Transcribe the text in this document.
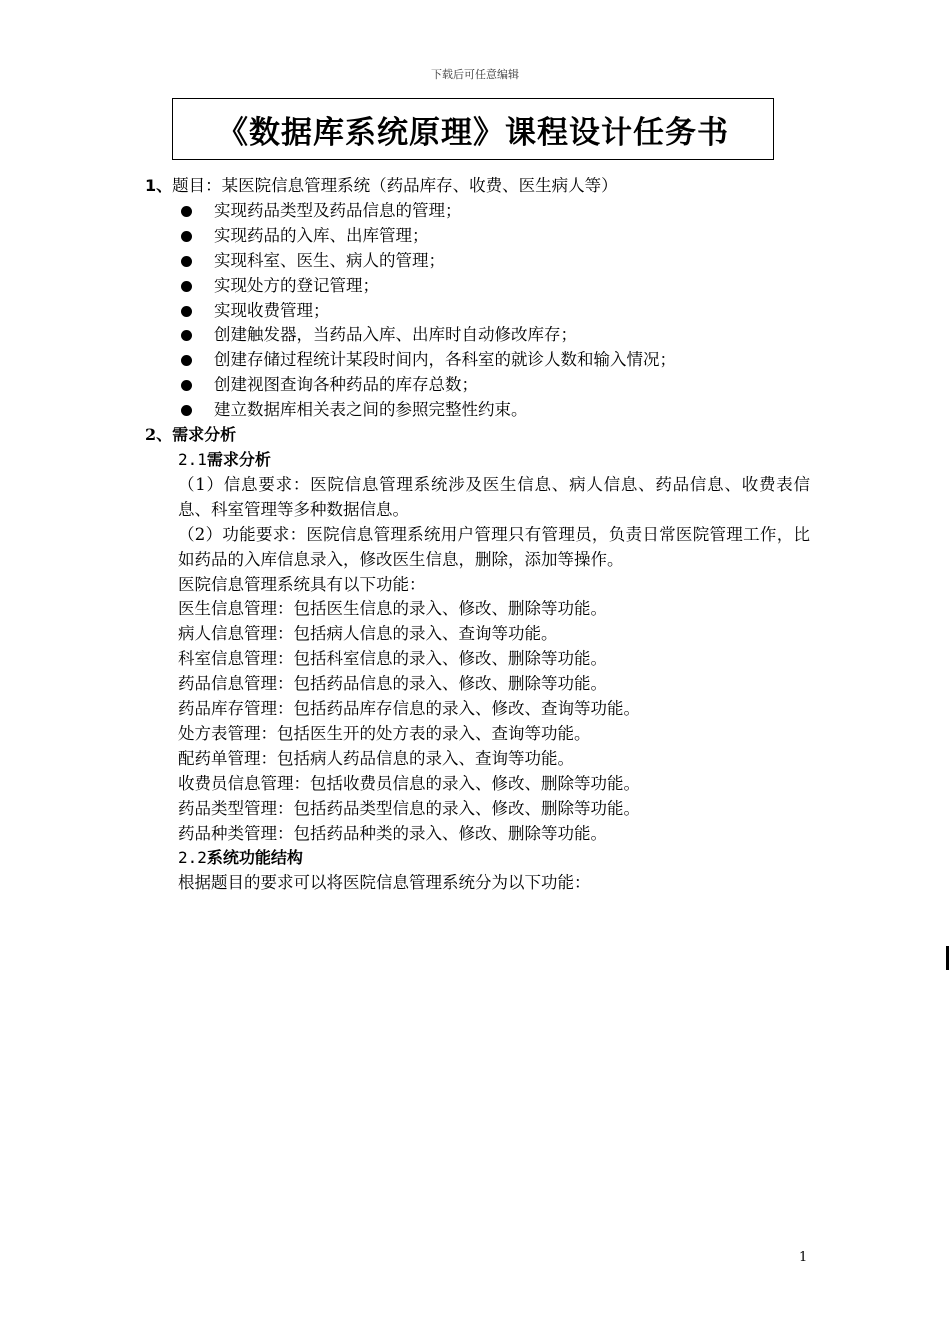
下载后可任意编辑
《数据库系统原理》课程设计任务书
1、题目：某医院信息管理系统（药品库存、收费、医生病人等）
实现药品类型及药品信息的管理；
实现药品的入库、出库管理；
实现科室、医生、病人的管理；
实现处方的登记管理；
实现收费管理；
创建触发器，当药品入库、出库时自动修改库存；
创建存储过程统计某段时间内，各科室的就诊人数和输入情况；
创建视图查询各种药品的库存总数；
建立数据库相关表之间的参照完整性约束。
2、需求分析
2.1需求分析
（1）信息要求：医院信息管理系统涉及医生信息、病人信息、药品信息、收费表信息、科室管理等多种数据信息。
（2）功能要求：医院信息管理系统用户管理只有管理员，负责日常医院管理工作，比如药品的入库信息录入，修改医生信息，删除，添加等操作。
医院信息管理系统具有以下功能：
医生信息管理：包括医生信息的录入、修改、删除等功能。
病人信息管理：包括病人信息的录入、查询等功能。
科室信息管理：包括科室信息的录入、修改、删除等功能。
药品信息管理：包括药品信息的录入、修改、删除等功能。
药品库存管理：包括药品库存信息的录入、修改、查询等功能。
处方表管理：包括医生开的处方表的录入、查询等功能。
配药单管理：包括病人药品信息的录入、查询等功能。
收费员信息管理：包括收费员信息的录入、修改、删除等功能。
药品类型管理：包括药品类型信息的录入、修改、删除等功能。
药品种类管理：包括药品种类的录入、修改、删除等功能。
2.2系统功能结构
根据题目的要求可以将医院信息管理系统分为以下功能：
1
